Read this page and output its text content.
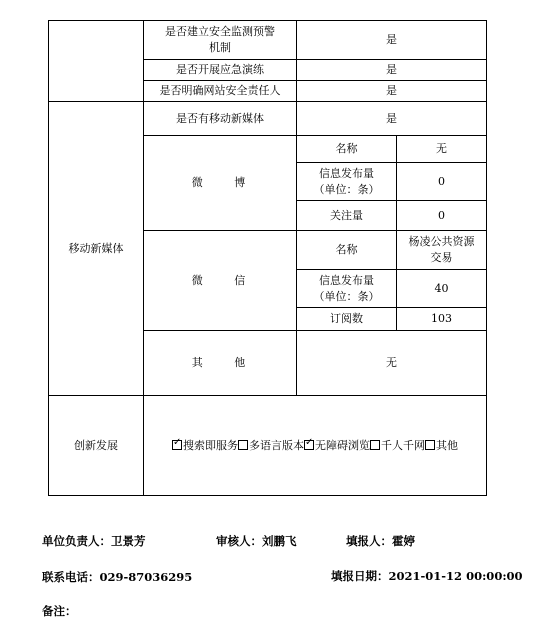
	是否建立安全监测预警
机制	是	
	是否开展应急演练	是	
	是否明确网站安全责任人	是	
移动新媒体	是否有移动新媒体	是	
	微 博	名称	无
		信息发布量
（单位：条）	0
		关注量	0
	微 信	名称	杨凌公共资源
交易
		信息发布量
（单位：条）	40
		订阅数	103
	其 他	无	
创新发展	✓搜索即服务 多语言版本 ✓ 无障碍浏览 千人千网 其他
单位负责人：卫景芳	审核人：刘鹏飞	填报人：霍婷
联系电话：029-87036295	填报日期：2021-01-12 00:00:00
备注：
